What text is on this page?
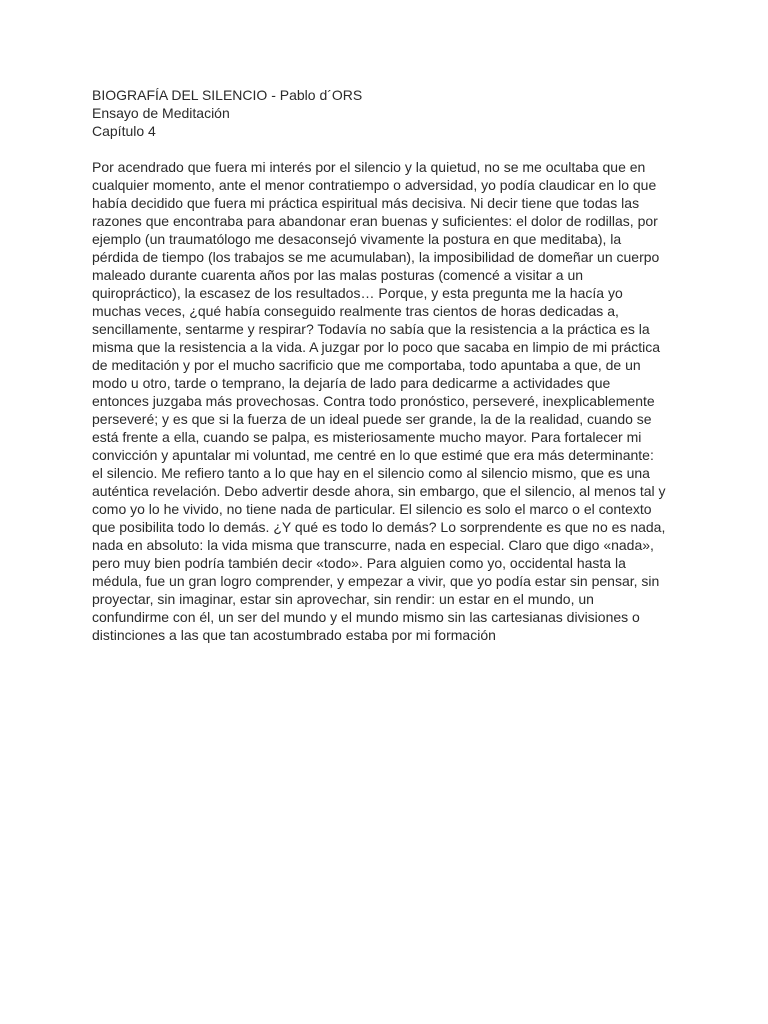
BIOGRAFÍA DEL SILENCIO - Pablo d´ORS
Ensayo de Meditación
Capítulo 4
Por acendrado que fuera mi interés por el silencio y la quietud, no se me ocultaba que en
cualquier momento, ante el menor contratiempo o adversidad, yo podía claudicar en lo que
había decidido que fuera mi práctica espiritual más decisiva. Ni decir tiene que todas las
razones que encontraba para abandonar eran buenas y suficientes: el dolor de rodillas, por
ejemplo (un traumatólogo me desaconsejó vivamente la postura en que meditaba), la
pérdida de tiempo (los trabajos se me acumulaban), la imposibilidad de domeñar un cuerpo
maleado durante cuarenta años por las malas posturas (comencé a visitar a un
quiropráctico), la escasez de los resultados… Porque, y esta pregunta me la hacía yo
muchas veces, ¿qué había conseguido realmente tras cientos de horas dedicadas a,
sencillamente, sentarme y respirar? Todavía no sabía que la resistencia a la práctica es la
misma que la resistencia a la vida. A juzgar por lo poco que sacaba en limpio de mi práctica
de meditación y por el mucho sacrificio que me comportaba, todo apuntaba a que, de un
modo u otro, tarde o temprano, la dejaría de lado para dedicarme a actividades que
entonces juzgaba más provechosas. Contra todo pronóstico, perseveré, inexplicablemente
perseveré; y es que si la fuerza de un ideal puede ser grande, la de la realidad, cuando se
está frente a ella, cuando se palpa, es misteriosamente mucho mayor. Para fortalecer mi
convicción y apuntalar mi voluntad, me centré en lo que estimé que era más determinante:
el silencio. Me refiero tanto a lo que hay en el silencio como al silencio mismo, que es una
auténtica revelación. Debo advertir desde ahora, sin embargo, que el silencio, al menos tal y
como yo lo he vivido, no tiene nada de particular. El silencio es solo el marco o el contexto
que posibilita todo lo demás. ¿Y qué es todo lo demás? Lo sorprendente es que no es nada,
nada en absoluto: la vida misma que transcurre, nada en especial. Claro que digo «nada»,
pero muy bien podría también decir «todo». Para alguien como yo, occidental hasta la
médula, fue un gran logro comprender, y empezar a vivir, que yo podía estar sin pensar, sin
proyectar, sin imaginar, estar sin aprovechar, sin rendir: un estar en el mundo, un
confundirme con él, un ser del mundo y el mundo mismo sin las cartesianas divisiones o
distinciones a las que tan acostumbrado estaba por mi formación
